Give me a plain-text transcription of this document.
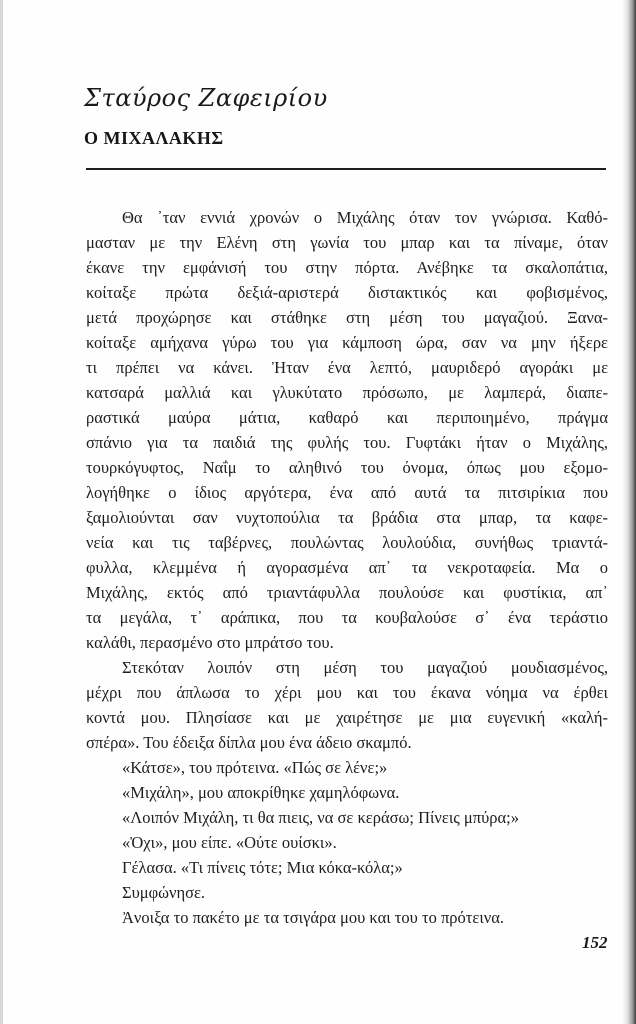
Σταύρος Ζαφειρίου
Ο ΜΙΧΑΛΑΚΗΣ
Θα ᾽ταν εννιά χρονών ο Μιχάλης όταν τον γνώρισα. Καθό-
μασταν με την Ελένη στη γωνία του μπαρ και τα πίναμε, όταν
έκανε την εμφάνισή του στην πόρτα. Ανέβηκε τα σκαλοπάτια,
κοίταξε πρώτα δεξιά-αριστερά διστακτικός και φοβισμένος,
μετά προχώρησε και στάθηκε στη μέση του μαγαζιού. Ξανα-
κοίταξε αμήχανα γύρω του για κάμποση ώρα, σαν να μην ήξερε
τι πρέπει να κάνει. Ἠταν ένα λεπτό, μαυριδερό αγοράκι με
κατσαρά μαλλιά και γλυκύτατο πρόσωπο, με λαμπερά, διαπε-
ραστικά μαύρα μάτια, καθαρό και περιποιημένο, πράγμα
σπάνιο για τα παιδιά της φυλής του. Γυφτάκι ήταν ο Μιχάλης,
τουρκόγυφτος, Ναΐμ το αληθινό του όνομα, όπως μου εξομο-
λογήθηκε ο ίδιος αργότερα, ένα από αυτά τα πιτσιρίκια που
ξαμολιούνται σαν νυχτοπούλια τα βράδια στα μπαρ, τα καφε-
νεία και τις ταβέρνες, πουλώντας λουλούδια, συνήθως τριαντά-
φυλλα, κλεμμένα ή αγορασμένα απ᾽ τα νεκροταφεία. Μα ο
Μιχάλης, εκτός από τριαντάφυλλα πουλούσε και φυστίκια, απ᾽
τα μεγάλα, τ᾽ αράπικα, που τα κουβαλούσε σ᾽ ένα τεράστιο
καλάθι, περασμένο στο μπράτσο του.
Στεκόταν λοιπόν στη μέση του μαγαζιού μουδιασμένος,
μέχρι που άπλωσα το χέρι μου και του έκανα νόημα να έρθει
κοντά μου. Πλησίασε και με χαιρέτησε με μια ευγενική «καλή-
σπέρα». Του έδειξα δίπλα μου ένα άδειο σκαμπό.
«Κάτσε», του πρότεινα. «Πώς σε λένε;»
«Μιχάλη», μου αποκρίθηκε χαμηλόφωνα.
«Λοιπόν Μιχάλη, τι θα πιεις, να σε κεράσω; Πίνεις μπύρα;»
«Ὀχι», μου είπε. «Ούτε ουίσκι».
Γέλασα. «Τι πίνεις τότε; Μια κόκα-κόλα;»
Συμφώνησε.
Ἀνοιξα το πακέτο με τα τσιγάρα μου και του το πρότεινα.
152
